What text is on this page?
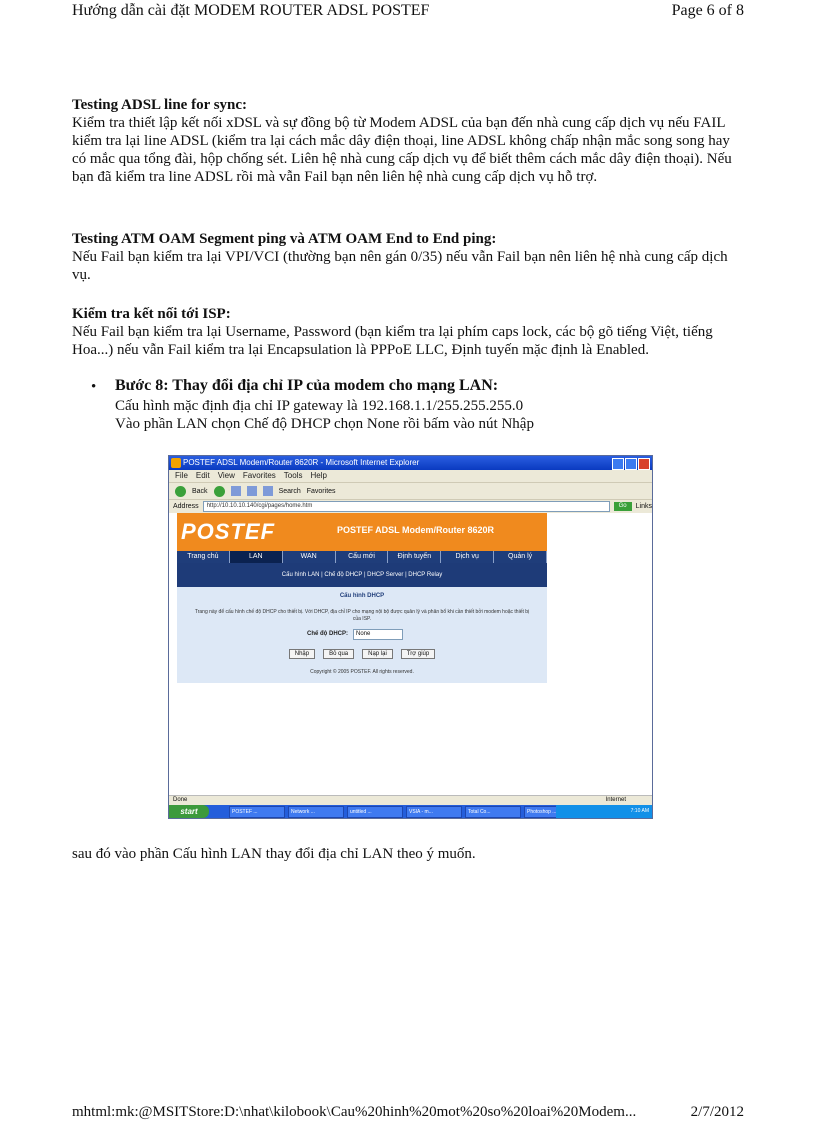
Hướng dẫn cài đặt MODEM ROUTER ADSL POSTEF	Page 6 of 8
Testing ADSL line for sync:

Kiểm tra thiết lập kết nối xDSL và sự đồng bộ từ Modem ADSL của bạn đến nhà cung cấp dịch vụ nếu FAIL kiểm tra lại line ADSL (kiểm tra lại cách mắc dây điện thoại, line ADSL không chấp nhận mắc song song hay có mắc qua tổng đài, hộp chống sét. Liên hệ nhà cung cấp dịch vụ để biết thêm cách mắc dây điện thoại). Nếu bạn đã kiểm tra line ADSL rồi mà vẫn Fail bạn nên liên hệ nhà cung cấp dịch vụ hỗ trợ.

Testing ATM OAM Segment ping và ATM OAM End to End ping:

Nếu Fail bạn kiểm tra lại VPI/VCI (thường bạn nên gán 0/35) nếu vẫn Fail bạn nên liên hệ nhà cung cấp dịch vụ.

Kiểm tra kết nối tới ISP:

Nếu Fail bạn kiểm tra lại Username, Password (bạn kiểm tra lại phím caps lock, các bộ gõ tiếng Việt, tiếng Hoa...) nếu vẫn Fail kiểm tra lại Encapsulation là PPPoE LLC, Định tuyến mặc định là Enabled.

• Bước 8: Thay đổi địa chỉ IP của modem cho mạng LAN:
Cấu hình mặc định địa chỉ IP gateway là 192.168.1.1/255.255.255.0
Vào phần LAN chọn Chế độ DHCP chọn None rồi bấm vào nút Nhập
POSTEF ADSL Modem/Router 8620R - Microsoft Internet Explorer
File Edit View Favorites Tools Help
Back	Search Favorites
Address	http://10.10.10.140/cgi/pages/home.htm	Go	Links
POSTEF	POSTEF ADSL Modem/Router 8620R
Trang chủ	LAN	WAN	Cấu mới	Định tuyến	Dịch vụ	Quản lý
Cấu hình LAN | Chế độ DHCP | DHCP Server | DHCP Relay
Cấu hình DHCP
Trang này để cấu hình chế độ DHCP cho thiết bị. Với DHCP, địa chỉ IP cho mạng nội bộ được quản lý và phân bổ khi cần thiết bởi modem hoặc thiết bị của ISP.
Chế độ DHCP:	None
Nhập	Bỏ qua	Nạp lại	Trợ giúp
Copyright © 2005 POSTEF. All rights reserved.
Done	Internet
start	POSTEF ...	Network ...	untitled ...	VSIA - m...	Total Co...	Photoshop ...	7:10 AM
sau đó vào phần Cấu hình LAN thay đổi địa chỉ LAN theo ý muốn.
mhtml:mk:@MSITStore:D:\nhat\kilobook\Cau%20hinh%20mot%20so%20loai%20Modem...	2/7/2012
